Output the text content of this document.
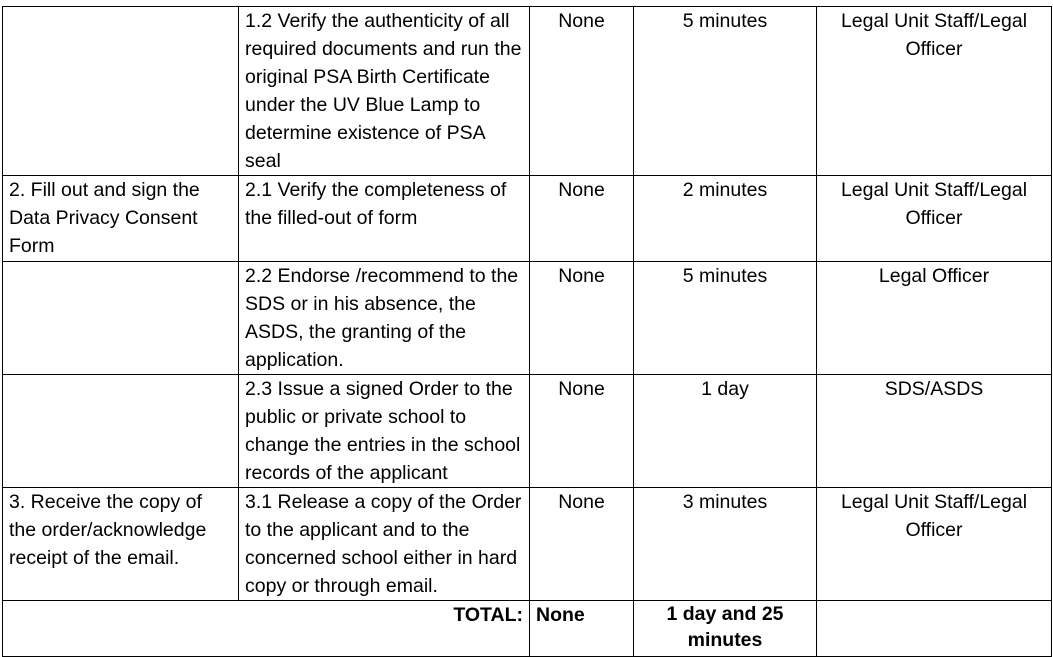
	1.2 Verify the authenticity of all required documents and run the original PSA Birth Certificate under the UV Blue Lamp to determine existence of PSA seal	None	5 minutes	Legal Unit Staff/Legal Officer
2. Fill out and sign the Data Privacy Consent Form	2.1 Verify the completeness of the filled-out of form	None	2 minutes	Legal Unit Staff/Legal Officer
	2.2 Endorse /recommend to the SDS or in his absence, the ASDS, the granting of the application.	None	5 minutes	Legal Officer
	2.3 Issue a signed Order to the public or private school to change the entries in the school records of the applicant	None	1 day	SDS/ASDS
3. Receive the copy of the order/acknowledge receipt of the email.	3.1 Release a copy of the Order to the applicant and to the concerned school either in hard copy or through email.	None	3 minutes	Legal Unit Staff/Legal Officer
TOTAL:		None	1 day and 25 minutes	
